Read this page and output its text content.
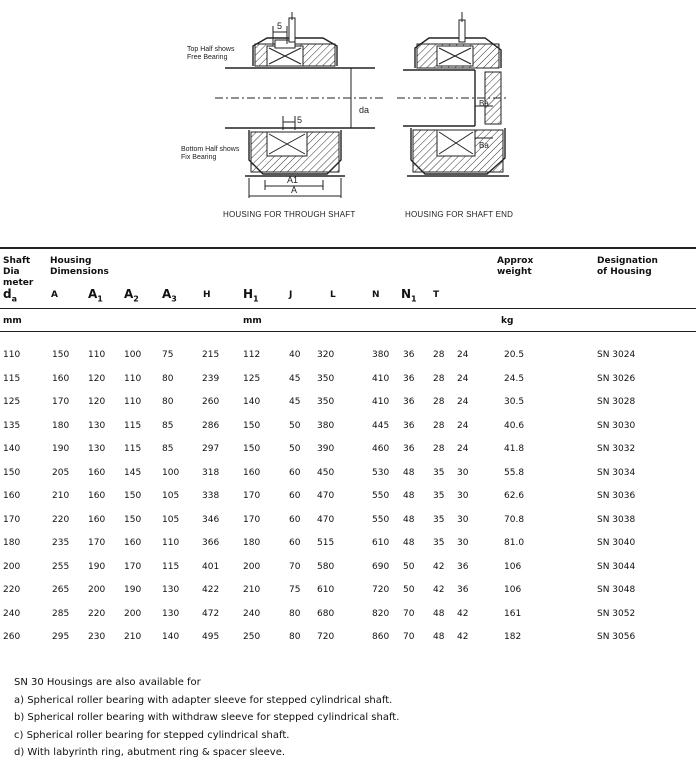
Top Half shows
Free Bearing
Bottom Half shows
Fix Bearing
5
5
da
A1
A
Ba
Ba
HOUSING FOR THROUGH SHAFT	HOUSING FOR SHAFT END
Shaft
Dia
meter
Housing
Dimensions
Approx
weight
Designation
of Housing
$d_a$	A	$A_1$ $A_2$ $A_3$	H	$H_1$	J	L	N $N_1$ T
mm	mm	kg
110	150 110 100 75	215	112	40 320	380 36 28 24	20.5	SN 3024
115	160 120 110 80	239	125	45 350	410 36 28 24	24.5	SN 3026
125	170 120 110 80	260	140	45 350	410 36 28 24	30.5	SN 3028
135	180 130 115 85	286	150	50 380	445 36 28 24	40.6	SN 3030
140	190 130 115 85	297	150	50 390	460 36 28 24	41.8	SN 3032
150	205 160 145 100	318	160	60 450	530 48 35 30	55.8	SN 3034
160	210 160 150 105	338	170	60 470	550 48 35 30	62.6	SN 3036
170	220 160 150 105	346	170	60 470	550 48 35 30	70.8	SN 3038
180	235 170 160 110	366	180	60 515	610 48 35 30	81.0	SN 3040
200	255 190 170 115	401	200	70 580	690 50 42 36	106	SN 3044
220	265 200 190 130	422	210	75 610	720 50 42 36	106	SN 3048
240	285 220 200 130	472	240	80 680	820 70 48 42	161	SN 3052
260	295 230 210 140	495	250	80 720	860 70 48 42	182	SN 3056
SN 30 Housings are also available for
a) Spherical roller bearing with adapter sleeve for stepped cylindrical shaft.
b) Spherical roller bearing with withdraw sleeve for stepped cylindrical shaft.
c) Spherical roller bearing for stepped cylindrical shaft.
d) With labyrinth ring, abutment ring & spacer sleeve.
